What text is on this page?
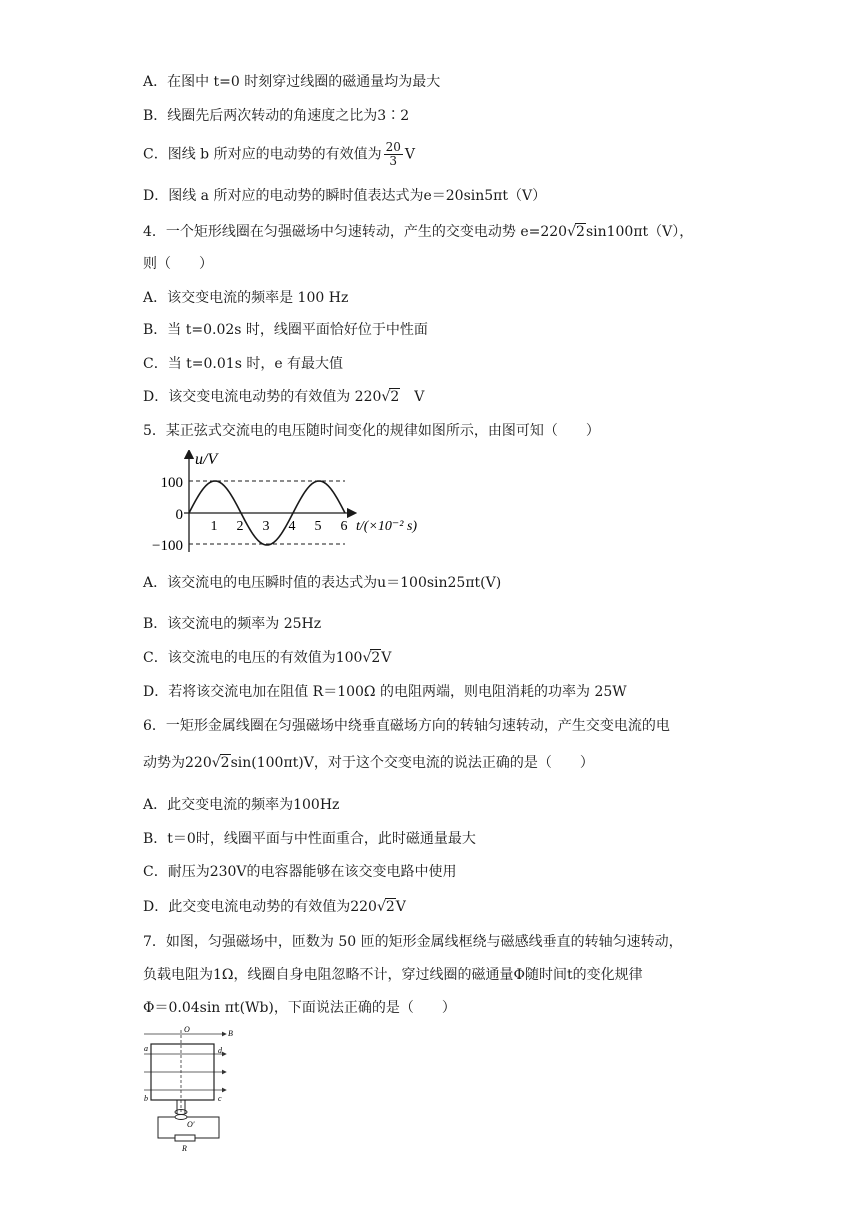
A．在图中 t=0 时刻穿过线圈的磁通量均为最大
B．线圈先后两次转动的角速度之比为3∶2
C．图线 b 所对应的电动势的有效值为 $\frac{20}{3}$ V
D．图线 a 所对应的电动势的瞬时值表达式为e＝20sin5πt（V）
4．一个矩形线圈在匀强磁场中匀速转动，产生的交变电动势 e=220√2sin100πt（V），
则（　　）
A．该交变电流的频率是 100 Hz
B．当 t=0.02s 时，线圈平面恰好位于中性面
C．当 t=0.01s 时，e 有最大值
D．该交变电流电动势的有效值为 220√2　V
5．某正弦式交流电的电压随时间变化的规律如图所示，由图可知（　　）
u/V
100
0
−100
1 2 3 4 5 6 t/(×10⁻² s)
A．该交流电的电压瞬时值的表达式为u＝100sin25πt(V)
B．该交流电的频率为 25Hz
C．该交流电的电压的有效值为100√2V
D．若将该交流电加在阻值 R＝100Ω 的电阻两端，则电阻消耗的功率为 25W
6．一矩形金属线圈在匀强磁场中绕垂直磁场方向的转轴匀速转动，产生交变电流的电
动势为220√2sin(100πt)V，对于这个交变电流的说法正确的是（　　）
A．此交变电流的频率为100Hz
B．t＝0时，线圈平面与中性面重合，此时磁通量最大
C．耐压为230V的电容器能够在该交变电路中使用
D．此交变电流电动势的有效值为220√2V
7．如图，匀强磁场中，匝数为 50 匝的矩形金属线框绕与磁感线垂直的转轴匀速转动，
负载电阻为1Ω，线圈自身电阻忽略不计，穿过线圈的磁通量Φ随时间t的变化规律
Φ＝0.04sin πt(Wb)，下面说法正确的是（　　）
O	B
a	d
b	c
O′
R
